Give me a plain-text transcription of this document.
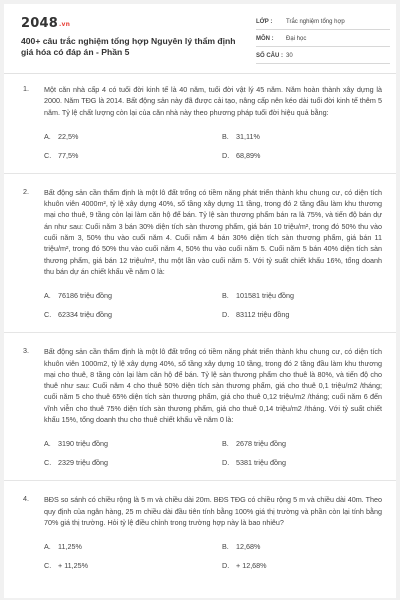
2048.vn
400+ câu trắc nghiệm tổng hợp Nguyên lý thẩm định giá hóa có đáp án - Phần 5
LỚP :	Trắc nghiệm tổng hợp
MÔN :	Đại học
SỐ CÂU : 30
1. Một căn nhà cấp 4 có tuổi đời kinh tế là 40 năm, tuổi đời vật lý 45 năm. Năm hoàn thành xây dựng là 2000. Năm TĐG là 2014. Bất động sản này đã được cải tạo, nâng cấp nên kéo dài tuổi đời kinh tế thêm 5 năm. Tỷ lệ chất lượng còn lại của căn nhà này theo phương pháp tuổi đời hiệu quả bằng:

A.	22,5%	B.	31,11%
C. 77,5%	D. 68,89%
2. Bất động sản cần thẩm định là một lô đất trống có tiềm năng phát triển thành khu chung cư, có diện tích khuôn viên 4000m², tỷ lệ xây dựng 40%, số tầng xây dựng 11 tầng, trong đó 2 tầng đầu làm khu thương mại cho thuê, 9 tầng còn lại làm căn hộ để bán. Tỷ lệ sàn thương phẩm bán ra là 75%, và tiến độ bán dự án như sau: Cuối năm 3 bán 30% diện tích sàn thương phẩm, giá bán 10 triệu/m², trong đó 50% thu vào cuối năm 3, 50% thu vào cuối năm 4. Cuối năm 4 bán 30% diện tích sàn thương phẩm, giá bán 11 triệu/m², trong đó 50% thu vào cuối năm 4, 50% thu vào cuối năm 5. Cuối năm 5 bán 40% diện tích sàn thương phẩm, giá bán 12 triệu/m², thu một lần vào cuối năm 5. Với tỷ suất chiết khấu 16%, tổng doanh thu bán dự án chiết khấu về năm 0 là:

A.	76186 triệu đồng	B.	101581 triệu đồng
C. 62334 triệu đồng	D. 83112 triệu đồng
3. Bất động sản cần thẩm định là một lô đất trống có tiềm năng phát triển thành khu chung cư, có diện tích khuôn viên 1000m2, tỷ lệ xây dựng 40%, số tầng xây dựng 10 tầng, trong đó 2 tầng đầu làm khu thương mại cho thuê, 8 tầng còn lại làm căn hộ để bán. Tỷ lệ sàn thương phẩm cho thuê là 80%, và tiến độ cho thuê như sau: Cuối năm 4 cho thuê 50% diện tích sàn thương phẩm, giá cho thuê 0,1 triệu/m2 /tháng; cuối năm 5 cho thuê 65% diện tích sàn thương phẩm, giá cho thuê 0,12 triệu/m2 /tháng; cuối năm 6 đến vĩnh viễn cho thuê 75% diện tích sàn thương phẩm, giá cho thuê 0,14 triệu/m2 /tháng. Với tỷ suất chiết khấu 15%, tổng doanh thu cho thuê chiết khấu về năm 0 là:

A.	3190 triệu đồng	B.	2678 triệu đồng
C. 2329 triệu đồng	D. 5381 triệu đồng
4. BĐS so sánh có chiều rộng là 5 m và chiều dài 20m. BĐS TĐG có chiều rộng 5 m và chiều dài 40m. Theo quy định của ngân hàng, 25 m chiều dài đầu tiên tính bằng 100% giá thị trường và phần còn lại tính bằng 70% giá thị trường. Hỏi tỷ lệ điều chỉnh trong trường hợp này là bao nhiêu?

A.	11,25%	B.	12,68%
C. + 11,25%	D. + 12,68%
